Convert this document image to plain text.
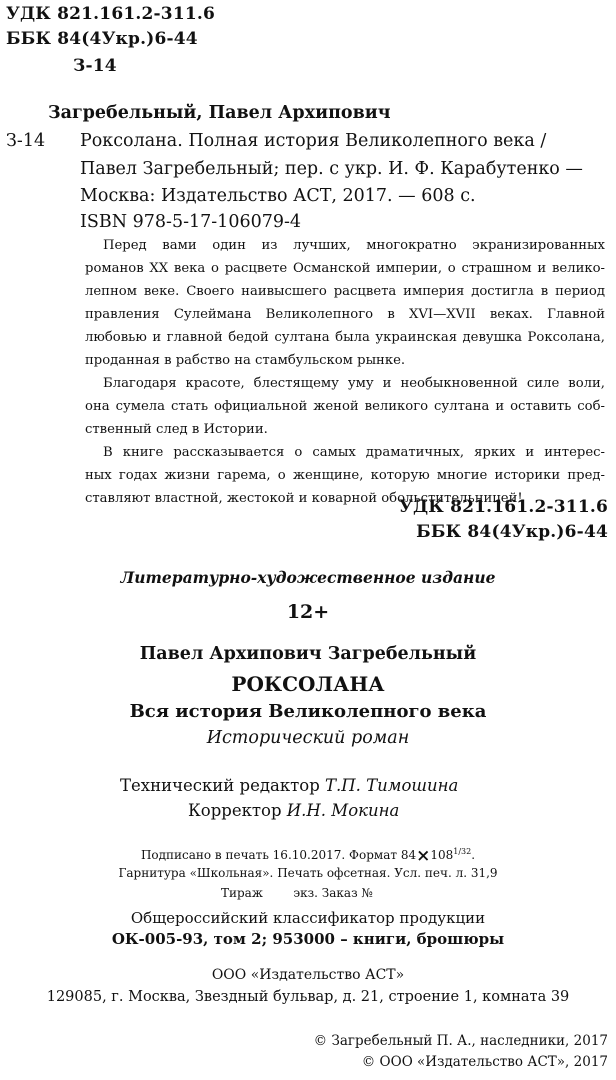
УДК 821.161.2-311.6
ББК 84(4Укр.)6-44
З-14
Загребельный, Павел Архипович
З-14 Роксолана. Полная история Великолепного века /
Павел Загребельный; пер. с укр. И. Ф. Карабутенко —
Москва: Издательство АСТ, 2017. — 608 с.
ISBN 978-5-17-106079-4
Перед вами один из лучших, многократно экранизированных
романов XX века о расцвете Османской империи, о страшном и велико-
лепном веке. Своего наивысшего расцвета империя достигла в период
правления Сулеймана Великолепного в XVI—XVII веках. Главной
любовью и главной бедой султана была украинская девушка Роксолана,
проданная в рабство на стамбульском рынке.
Благодаря красоте, блестящему уму и необыкновенной силе воли,
она сумела стать официальной женой великого султана и оставить соб-
ственный след в Истории.
В книге рассказывается о самых драматичных, ярких и интерес-
ных годах жизни гарема, о женщине, которую многие историки пред-
ставляют властной, жестокой и коварной обольстительницей!
УДК 821.161.2-311.6
ББК 84(4Укр.)6-44
Литературно-художественное издание
12+
Павел Архипович Загребельный
РОКСОЛАНА
Вся история Великолепного века
Исторический роман
Технический редактор Т.П. Тимошина
Корректор И.Н. Мокина
Подписано в печать 16.10.2017. Формат $84\times 108^{1/32}$.
Гарнитура «Школьная». Печать офсетная. Усл. печ. л. 31,9
Тираж        экз. Заказ №
Общероссийский классификатор продукции
ОК-005-93, том 2; 953000 – книги, брошюры
ООО «Издательство АСТ»
129085, г. Москва, Звездный бульвар, д. 21, строение 1, комната 39
© Загребельный П. А., наследники, 2017
© ООО «Издательство АСТ», 2017
